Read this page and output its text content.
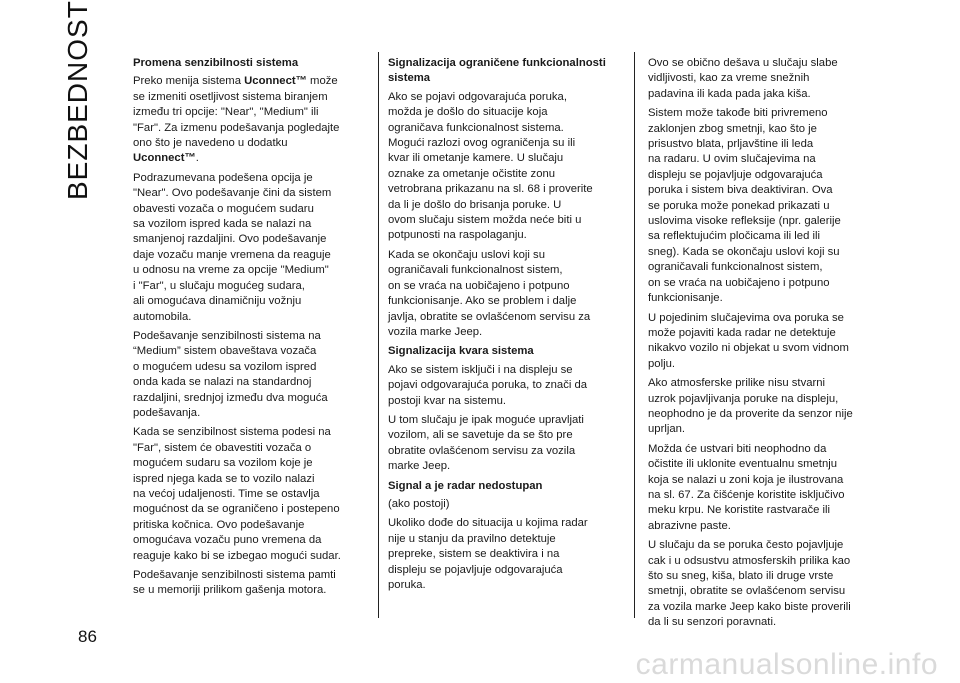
BEZBEDNOST	Promena senzibilnosti sistema

Preko menija sistema Uconnect™ može
se izmeniti osetljivost sistema biranjem
između tri opcije: "Near", "Medium" ili
"Far". Za izmenu podešavanja pogledajte
ono što je navedeno u dodatku
Uconnect™.

Podrazumevana podešena opcija je
"Near". Ovo podešavanje čini da sistem
obavesti vozača o mogućem sudaru
sa vozilom ispred kada se nalazi na
smanjenoj razdaljini. Ovo podešavanje
daje vozaču manje vremena da reaguje
u odnosu na vreme za opcije "Medium"
i "Far", u slučaju mogućeg sudara,
ali omogućava dinamičniju vožnju
automobila.

Podešavanje senzibilnosti sistema na
“Medium” sistem obaveštava vozača
o mogućem udesu sa vozilom ispred
onda kada se nalazi na standardnoj
razdaljini, srednjoj između dva moguća
podešavanja.

Kada se senzibilnost sistema podesi na
"Far", sistem će obavestiti vozača o
mogućem sudaru sa vozilom koje je
ispred njega kada se to vozilo nalazi
na većoj udaljenosti. Time se ostavlja
mogućnost da se ograničeno i postepeno
pritiska kočnica. Ovo podešavanje
omogućava vozaču puno vremena da
reaguje kako bi se izbegao mogući sudar.

Podešavanje senzibilnosti sistema pamti
se u memoriji prilikom gašenja motora.

Signalizacija ograničene funkcionalnosti
sistema

Ako se pojavi odgovarajuća poruka,
možda je došlo do situacije koja
ograničava funkcionalnost sistema.
Mogući razlozi ovog ograničenja su ili
kvar ili ometanje kamere. U slučaju
oznake za ometanje očistite zonu
vetrobrana prikazanu na sl. 68 i proverite
da li je došlo do brisanja poruke. U
ovom slučaju sistem možda neće biti u
potpunosti na raspolaganju.

Kada se okončaju uslovi koji su
ograničavali funkcionalnost sistem,
on se vraća na uobičajeno i potpuno
funkcionisanje. Ako se problem i dalje
javlja, obratite se ovlašćenom servisu za
vozila marke Jeep.

Signalizacija kvara sistema

Ako se sistem isključi i na displeju se
pojavi odgovarajuća poruka, to znači da
postoji kvar na sistemu.

U tom slučaju je ipak moguće upravljati
vozilom, ali se savetuje da se što pre
obratite ovlašćenom servisu za vozila
marke Jeep.

Signal a je radar nedostupan

(ako postoji)

Ukoliko dođe do situacija u kojima radar
nije u stanju da pravilno detektuje
prepreke, sistem se deaktivira i na
displeju se pojavljuje odgovarajuća
poruka.

Ovo se obično dešava u slučaju slabe
vidljivosti, kao za vreme snežnih
padavina ili kada pada jaka kiša.

Sistem može takođe biti privremeno
zaklonjen zbog smetnji, kao što je
prisustvo blata, prljavštine ili leda
na radaru. U ovim slučajevima na
displeju se pojavljuje odgovarajuća
poruka i sistem biva deaktiviran. Ova
se poruka može ponekad prikazati u
uslovima visoke refleksije (npr. galerije
sa reflektujućim pločicama ili led ili
sneg). Kada se okončaju uslovi koji su
ograničavali funkcionalnost sistem,
on se vraća na uobičajeno i potpuno
funkcionisanje.

U pojedinim slučajevima ova poruka se
može pojaviti kada radar ne detektuje
nikakvo vozilo ni objekat u svom vidnom
polju.

Ako atmosferske prilike nisu stvarni
uzrok pojavljivanja poruke na displeju,
neophodno je da proverite da senzor nije
uprljan.

Možda će ustvari biti neophodno da
očistite ili uklonite eventualnu smetnju
koja se nalazi u zoni koja je ilustrovana
na sl. 67. Za čišćenje koristite isključivo
meku krpu. Ne koristite rastvarače ili
abrazivne paste.

U slučaju da se poruka često pojavljuje
cak i u odsustvu atmosferskih prilika kao
što su sneg, kiša, blato ili druge vrste
smetnji, obratite se ovlašćenom servisu
za vozila marke Jeep kako biste proverili
da li su senzori poravnati.

86
carmanualsonline.info
